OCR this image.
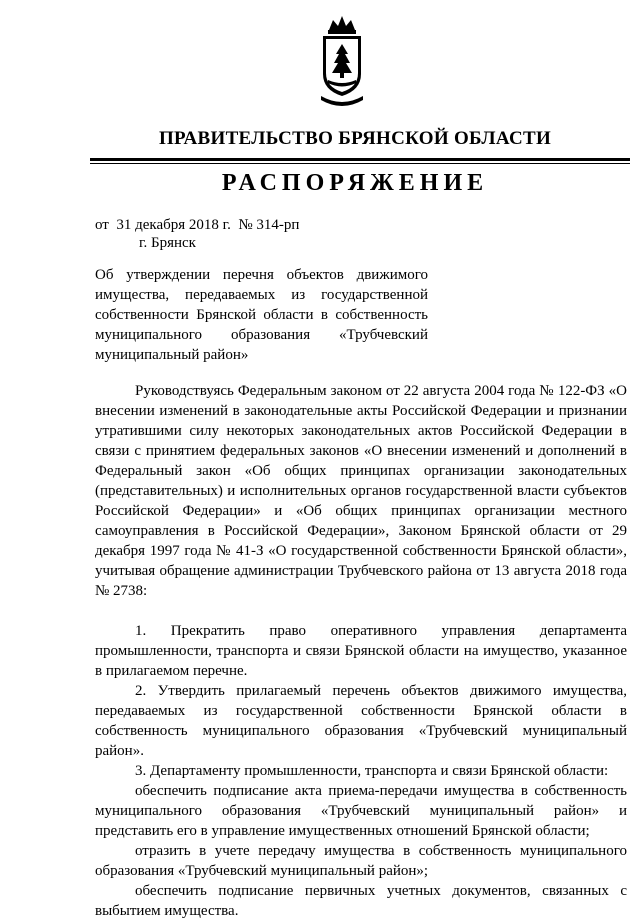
ПРАВИТЕЛЬСТВО БРЯНСКОЙ ОБЛАСТИ
РАСПОРЯЖЕНИЕ
от  31 декабря 2018 г.  № 314-рп
г. Брянск
Об утверждении перечня объектов движимого имущества, передаваемых из государственной собственности Брянской области в собственность муниципального образования «Трубчевский муниципальный район»

Руководствуясь Федеральным законом от 22 августа 2004 года № 122-ФЗ «О внесении изменений в законодательные акты Российской Федерации и признании утратившими силу некоторых законодательных актов Российской Федерации в связи с принятием федеральных законов «О внесении изменений и дополнений в Федеральный закон «Об общих принципах организации законодательных (представительных) и исполнительных органов государственной власти субъектов Российской Федерации» и «Об общих принципах организации местного самоуправления в Российской Федерации», Законом Брянской области от 29 декабря 1997 года № 41-З «О государственной собственности Брянской области», учитывая обращение администрации Трубчевского района от 13 августа 2018 года № 2738:

1. Прекратить право оперативного управления департамента промышленности, транспорта и связи Брянской области на имущество, указанное в прилагаемом перечне.

2. Утвердить прилагаемый перечень объектов движимого имущества, передаваемых из государственной собственности Брянской области в собственность муниципального образования «Трубчевский муниципальный район».

3. Департаменту промышленности, транспорта и связи Брянской области:

обеспечить подписание акта приема-передачи имущества в собственность муниципального образования «Трубчевский муниципальный район» и представить его в управление имущественных отношений Брянской области;

отразить в учете передачу имущества в собственность муниципального образования «Трубчевский муниципальный район»;

обеспечить подписание первичных учетных документов, связанных с выбытием имущества.
